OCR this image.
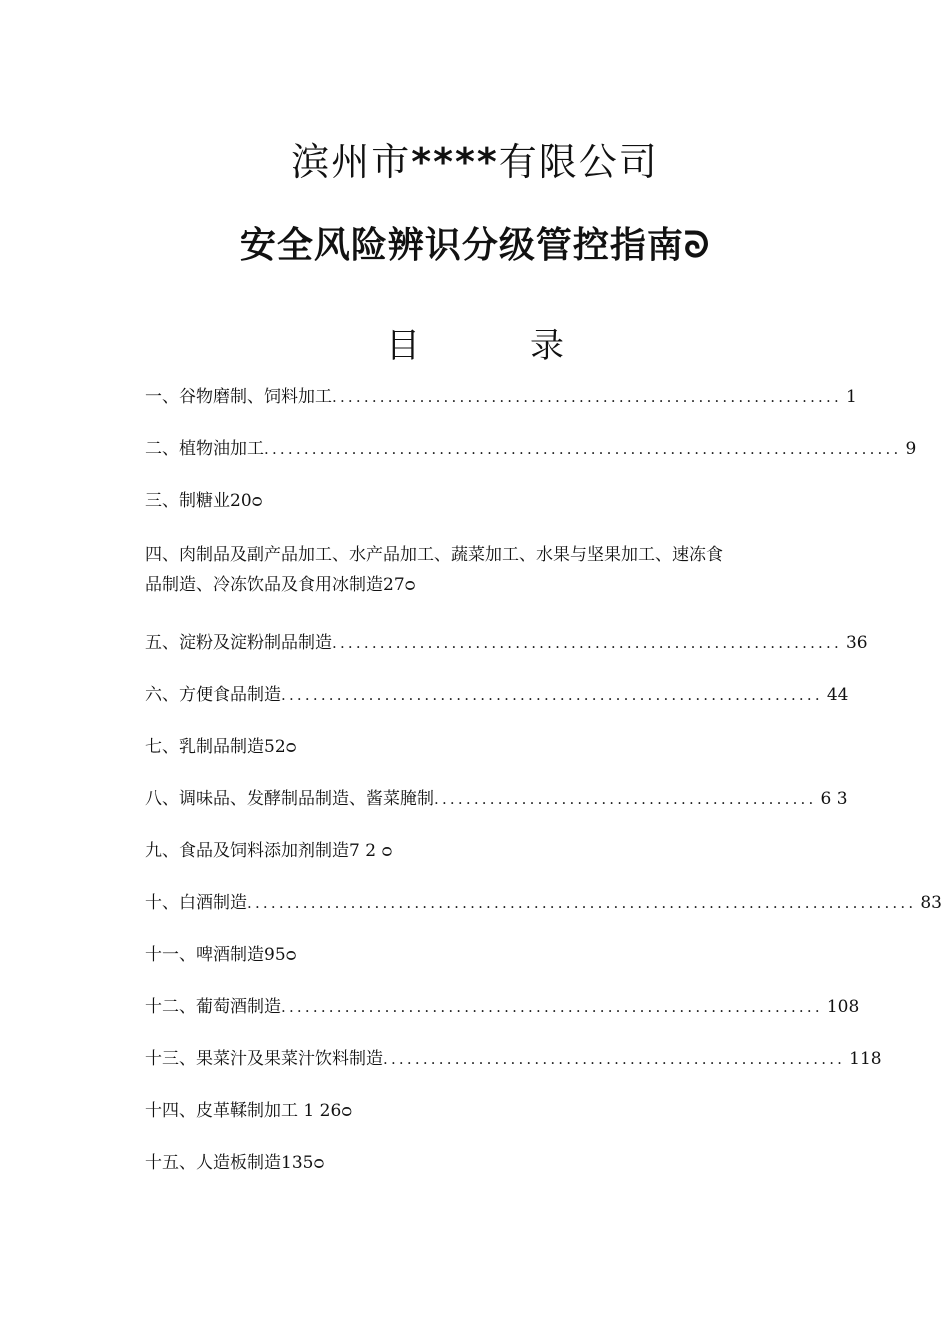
滨州市****有限公司
安全风险辨识分级管控指南ᘐ
目	录
一、谷物磨制、饲料加工 ................................................................ 1
二、植物油加工 ................................................................................ 9
三、制糖业20ᴑ
四、肉制品及副产品加工、水产品加工、蔬菜加工、水果与坚果加工、速冻食
品制造、冷冻饮品及食用冰制造27ᴑ
五、淀粉及淀粉制品制造 ................................................................ 36
六、方便食品制造 .................................................................... 44
七、乳制品制造52ᴑ
八、调味品、发酵制品制造、酱菜腌制 ................................................ 6 3
九、食品及饲料添加剂制造7 2 ᴑ
十、白酒制造 .................................................................................... 83
十一、啤酒制造95ᴑ
十二、葡萄酒制造 .................................................................... 108
十三、果菜汁及果菜汁饮料制造 .......................................................... 118
十四、皮革鞣制加工 1 26ᴑ
十五、人造板制造135ᴑ
